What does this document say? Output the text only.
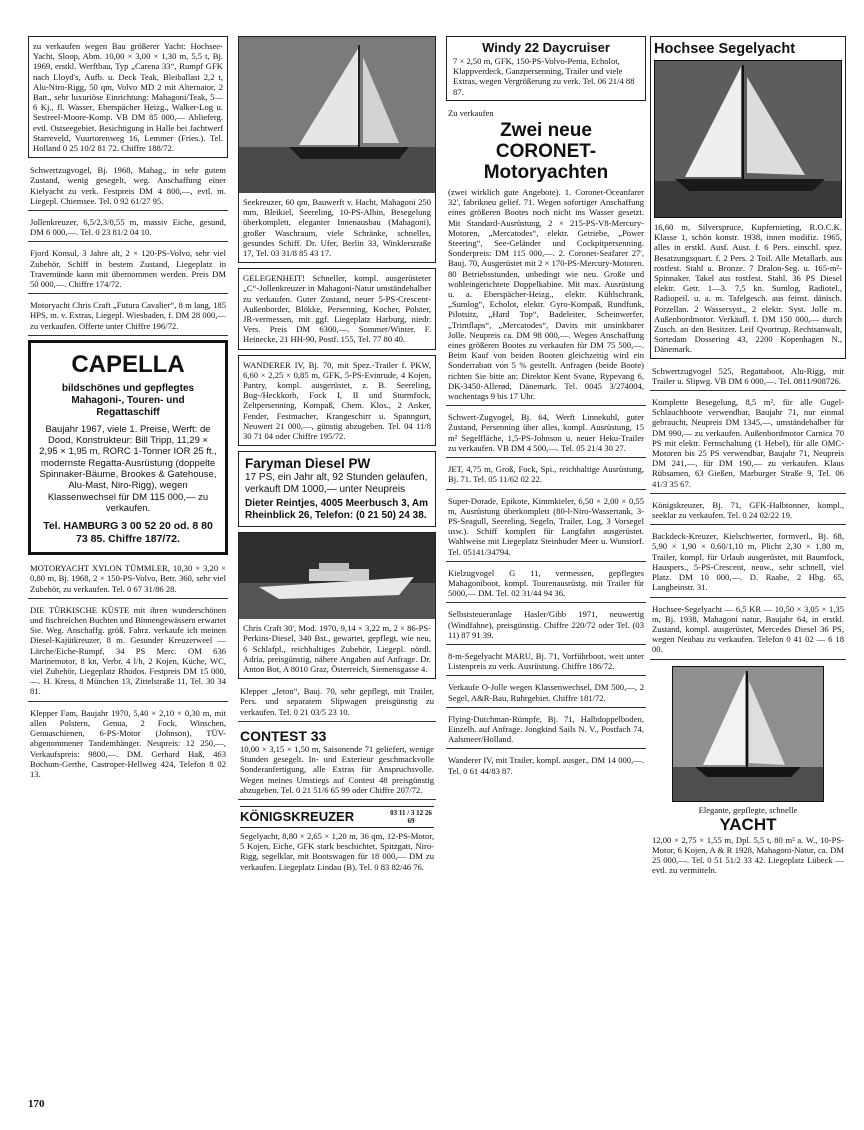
zu verkaufen wegen Bau größerer Yacht: Hochsee-Yacht, Sloop, Abm. 10,00 × 3,00 × 1,30 m, 5,5 t, Bj. 1969, erstkl. Werftbau, Typ „Carena 33“, Rumpf GFK nach Lloyd's, Aufb. u. Deck Teak, Bleiballast 2,2 t, Alu-Niro-Rigg, 50 qm, Volvo MD 2 mit Alternator, 2 Batt., sehr luxuriöse Einrichtung: Mahagoni/Teak, 5—6 Kj., fl. Wasser, Eberspächer Heizg., Walker-Log u. Sestreel-Moore-Komp. VB DM 85 000,— Ablieferg. evtl. Ostseegebiet. Besichtigung in Halle bei Jachtwerf Starreveld, Vuurtorenweg 16, Lemmer (Fries.). Tel. Holland 0 25 10/2 81 72. Chiffre 188/72.

Schwertzugvogel, Bj. 1968, Mahag., in sehr gutem Zustand, wenig gesegelt, weg. Anschaffung einer Kielyacht zu verk. Festpreis DM 4 800,—, evtl. m. Liegepl. Chiemsee. Tel. 0 92 61/27 95.

Jollenkreuzer, 6,5/2,3/0,55 m, massiv Eiche, gesund, DM 6 000,—. Tel. 0 23 81/2 04 10.

Fjord Konsul, 3 Jahre alt, 2 × 120-PS-Volvo, sehr viel Zubehör, Schiff in bestem Zustand, Liegeplatz in Travemünde kann mit übernommen werden. Preis DM 50 000,—. Chiffre 174/72.

Motoryacht Chris Craft „Futura Cavalier“, 8 m lang, 185 HPS, m. v. Extras, Liegepl. Wiesbaden, f. DM 28 000,— zu verkaufen. Offerte unter Chiffre 196/72.

CAPELLA
bildschönes und gepflegtes Mahagoni-, Touren- und Regattaschiff
Baujahr 1967, viele 1. Preise, Werft: de Dood, Konstrukteur: Bill Tripp, 11,29 × 2,95 × 1,95 m, RORC 1-Tonner IOR 25 ft., modernste Regatta-Ausrüstung (doppelte Spinnaker-Bäume, Brookes & Gatehouse, Alu-Mast, Niro-Rigg), wegen Klassenwechsel für DM 115 000,— zu verkaufen.
Tel. HAMBURG 3 00 52 20 od. 8 80 73 85. Chiffre 187/72.

MOTORYACHT XYLON TÜMMLER, 10,30 × 3,20 × 0,80 m, Bj. 1968, 2 × 150-PS-Volvo, Betr. 360, sehr viel Zubehör, zu verkaufen. Tel. 0 67 31/86 28.

DIE TÜRKISCHE KÜSTE mit ihren wunderschönen und fischreichen Buchten und Binnengewässern erwartet Sie. Weg. Anschaffg. größ. Fahrz. verkaufe ich meinen Diesel-Kajütkreuzer, 8 m. Gesunder Kreuzerweel — Lärche/Eiche-Rumpf, 34 PS Merc. OM 636 Marinemotor, 8 kn, Verbr. 4 l/h, 2 Kojen, Küche, WC, viel Zubehör, Liegeplatz Rhodos. Festpreis DM 15 000,—. H. Kress, 8 München 13, Zittelstraße 11, Tel. 30 34 81.

Klepper Fam, Baujahr 1970, 5,40 × 2,10 × 0,30 m, mit allen Polstern, Genua, 2 Fock, Winschen, Genuaschienen, 6-PS-Motor (Johnson), TÜV-abgenommener Tandemhänger. Neupreis: 12 250,—, Verkaufspreis: 9800,—. DM. Gerhard Haß, 463 Bochum-Gerthe, Castroper-Hellweg 424, Telefon 8 02 13.

Seekreuzer, 60 qm, Bauwerft v. Hacht, Mahagoni 250 mm, Bleikiel, Seereling, 10-PS-Albin, Besegelung überkomplett, eleganter Innenausbau (Mahagoni), großer Waschraum, viele Schränke, schnelles, gesundes Schiff. Dr. Ufer, Berlin 33, Winklerstraße 17, Tel. 03 31/8 85 43 17.

GELEGENHEIT! Schneller, kompl. ausgerüsteter „C“-Jollenkreuzer in Mahagoni-Natur umständehalber zu verkaufen. Guter Zustand, neuer 5-PS-Crescent-Außenborder, Blökke, Persenning, Kocher, Polster, JR-vermessen, mit ggf. Liegeplatz Harburg, niedr. Vers. Preis DM 6300,—. Sommer/Winter. F. Heinecke, 21 HH-90, Postf. 155, Tel. 77 80 40.

WANDERER IV, Bj. 70, mit Spez.-Trailer f. PKW, 6,60 × 2,25 × 0,85 m, GFK, 5-PS-Evinrude, 4 Kojen, Pantry, kompl. ausgerüstet, z. B. Seereling, Bug-/Heckkorb, Fock I, II und Sturmfock, Zeltpersenning, Kompaß, Chem. Klos., 2 Anker, Fender, Festmacher, Krangeschirr u. Spanngurt, Neuwert 21 000,—, günstig abzugeben. Tel. 04 11/8 30 71 04 oder Chiffre 195/72.

Faryman Diesel PW
17 PS, ein Jahr alt, 92 Stunden gelaufen, verkauft DM 1000,— unter Neupreis
Dieter Reintjes, 4005 Meerbusch 3, Am Rheinblick 26, Telefon: (0 21 50) 24 38.

Chris Craft 30', Mod. 1970, 9,14 × 3,22 m, 2 × 86-PS-Perkins-Diesel, 340 Bst., gewartet, gepflegt, wie neu, 6 Schlafpl., reichhaltiges Zubehör, Liegepl. nördl. Adria, preisgünstig, nähere Angaben auf Anfrage. Dr. Anton Bot, A 8010 Graz, Österreich, Siemensgasse 4.

Klepper „Jeton“, Bauj. 70, sehr gepflegt, mit Trailer, Pers. und separatem Slipwagen preisgünstig zu verkaufen. Tel. 0 21 03/5 23 10.

CONTEST 33

10,00 × 3,15 × 1,50 m, Saisonende 71 geliefert, wenige Stunden gesegelt. In- und Exterieur geschmackvolle Sonderanfertigung, alle Extras für Anspruchsvolle. Wegen meines Umstiegs auf Contest 48 preisgünstig abzugeben. Tel. 0 21 51/6 65 99 oder Chiffre 207/72.

KÖNIGSKREUZER	03 11 / 3 12 26 69

Segelyacht, 8,80 × 2,65 × 1,20 m, 36 qm, 12-PS-Motor, 5 Kojen, Eiche, GFK stark beschichtet, Spitzgatt, Niro-Rigg, segelklar, mit Bootswagen für 18 000,— DM zu verkaufen. Liegeplatz Lindau (B), Tel. 0 83 82/46 76.

Windy 22 Daycruiser

7 × 2,50 m, GFK, 150-PS-Volvo-Penta, Echolot, Klappverdeck, Ganzpersenning, Trailer und viele Extras, wegen Vergrößerung zu verk. Tel. 06 21/4 88 87.

Zu verkaufen
Zwei neue CORONET-Motoryachten

(zwei wirklich gute Angebote). 1. Coronet-Oceanfarer 32', fabrikneu gelief. 71. Wegen sofortiger Anschaffung eines größeren Bootes noch nicht ins Wasser gesetzt. Mit Standard-Ausrüstung, 2 × 215-PS-V8-Mercury-Motoren, „Mercatodes“, elektr. Getriebe, „Power Steering“, See-Geländer und Cockpitpersenning. Sonderpreis: DM 115 000,—. 2. Coronet-Seafarer 27', Bauj. 70, Ausgerüstet mit 2 × 170-PS-Mercury-Motoren. 80 Betriebsstunden, unbedingt wie neu. Große und wohleingerichtete Doppelkabine. Mit max. Ausrüstung u. a. Eberspächer-Heizg., elektr. Kühlschrank, „Sumlog“, Echolot, elektr. Gyro-Kompaß, Rundfunk, Pilotsitz, „Hard Top“, Badeleiter, Scheinwerfer, „Trimflaps“, „Mercatodes“, Davits mit unsinkbarer Jolle. Neupreis ca. DM 98 000,—. Wegen Anschaffung eines größeren Bootes zu verkaufen für DM 75 500,—. Beim Kauf von beiden Booten gleichzeitig wird ein Sonderrabatt von 5 % gestellt. Anfragen (beide Boote) richten Sie bitte an: Direktor Kent Svane, Rypevang 6, DK-3450-Allerød, Dänemark. Tel. 0045 3/274004, wochentags 9 bis 17 Uhr.

Schwert-Zugvogel, Bj. 64, Werft Linnekuhl, guter Zustand, Persenning über alles, kompl. Ausrüstung, 15 m² Segelfläche, 1,5-PS-Johnson u. neuer Heku-Trailer zu verkaufen. VB DM 4 500,—. Tel. 05 21/4 30 27.

JET, 4,75 m, Groß, Fock, Spi., reichhaltige Ausrüstung, Bj. 71. Tel. 05 11/62 02 22.

Super-Dorade, Epikote, Kimmkieler, 6,50 × 2,00 × 0,55 m, Ausrüstung überkomplett (80-l-Niro-Wassertank, 3-PS-Seagull, Seereling, Segeln, Trailer, Log, 3 Vorsegel usw.). Schiff komplett für Langfahrt ausgerüstet. Wahlweise mit Liegeplatz Steinhuder Meer u. Wunstorf. Tel. 05141/34794.

Kielzugvogel G 11, vermessen, gepflegtes Mahagoniboot, kompl. Tourenausrüstg. mit Trailer für 5000,— DM. Tel. 02 31/44 94 36.

Selbststeueranlage Hasler/Gibb 1971, neuwertig (Windfahne), preisgünstig. Chiffre 220/72 oder Tel. (03 11) 87 91 39.

8-m-Segelyacht MARU, Bj. 71, Vorführboot, weit unter Listenpreis zu verk. Ausrüstung. Chiffre 186/72.

Verkaufe O-Jolle wegen Klassenwechsel, DM 500,—, 2 Segel, A&R-Bau, Ruhrgebiet. Chiffre 181/72.

Flying-Dutchman-Rümpfe, Bj. 71, Halbdoppelboden, Einzelh. auf Anfrage. Jongkind Sails N. V., Postfach 74, Aalsmeer/Holland.

Wanderer IV, mit Trailer, kompl. ausger., DM 14 000,—. Tel. 0 61 44/83 87.

Hochsee Segelyacht

16,60 m, Silverspruce, Kupfernieting, R.O.C.K. Klasse 1, schön konstr. 1938, innen modifiz. 1965, alles in erstkl. Ausf. Ausr. f. 6 Pers. einschl. spez. Besatzungsquart. f. 2 Pers. 2 Toil. Alle Metallarb. aus rostfest. Stahl u. Bronze. 7 Dralon-Seg. u. 165-m²-Spinnaker. Takel aus rostfest. Stahl. 36 PS Diesel elektr. Getr. 1—3. 7,5 kn. Sumlog, Radiotel., Radiopeil. u. a. m. Tafelgesch. aus feinst. dänisch. Porzellan. 2 Wassersyst., 2 elektr. Syst. Jolle m. Außenbordmotor. Verkäufl. f. DM 150 000,— durch Zusch. an den Besitzer. Leif Qvortrup, Rechtsanwalt, Sortedam Dossering 43, 2200 Kopenhagen N., Dänemark.

Schwertzugvogel 525, Regattaboot, Alu-Rigg, mit Trailer u. Slipwg. VB DM 6 000,—. Tel. 0811/908726.

Komplette Besegelung, 8,5 m², für alle Gugel-Schlauchboote verwendbar, Baujahr 71, nur einmal gebraucht, Neupreis DM 1345,—, umständehalber für DM 990,— zu verkaufen. Außenbordmotor Carnica 70 PS mit elektr. Fernschaltung (1 Hebel), für alle OMC-Motoren bis 25 PS verwendbar, Baujahr 71, Neupreis DM 241,—, für DM 190,— zu verkaufen. Klaus Rübsamen, 63 Gießen, Marburger Straße 9, Tel. 06 41/3 35 67.

Königskreuzer, Bj. 71, GFK-Halbtonner, kompl., seeklar zu verkaufen. Tel. 0 24 02/22 19.

Backdeck-Kreuzer, Kielschwerter, formverl., Bj. 68, 5,90 × 1,90 × 0,60/1,10 m, Plicht 2,30 × 1,80 m, Trailer, kompl. für Urlaub ausgerüstet, mit Baumfock, Hauspers., 5-PS-Crescent, neuw., sehr schnell, viel Platz. DM 10 000,—. D. Raabe, 2 Hbg. 65, Langheinstr. 31.

Hochsee-Segelyacht — 6,5 KR — 10,50 × 3,05 × 1,35 m, Bj. 1938, Mahagoni natur, Baujahr 64, in erstkl. Zustand, kompl. ausgerüstet, Mercedes Diesel 36 PS, wegen Neubau zu verkaufen. Telefon 0 41 02 — 6 18 00.

Elegante, gepflegte, schnelle
YACHT

12,00 × 2,75 × 1,55 m, Dpl. 5,5 t, 80 m² a. W., 10-PS-Motor, 6 Kojen, A & R 1928, Mahagoni-Natur, ca. DM 25 000,—. Tel. 0 51 51/2 33 42. Liegeplatz Lübeck — evtl. zu vermitteln.

170
